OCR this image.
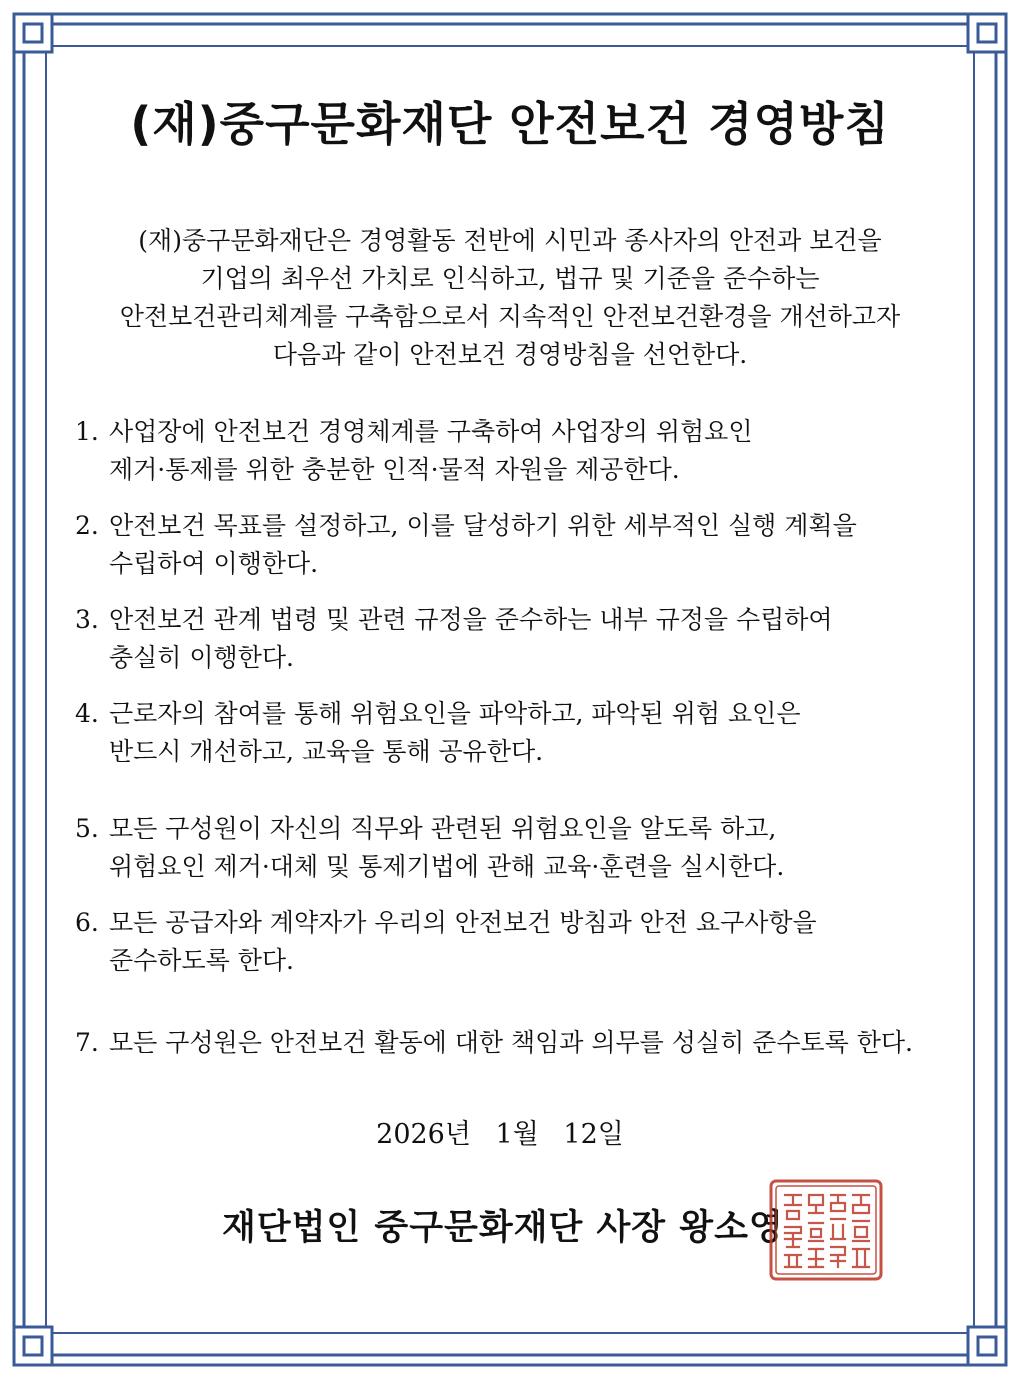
(재)중구문화재단 안전보건 경영방침
(재)중구문화재단은 경영활동 전반에 시민과 종사자의 안전과 보건을
기업의 최우선 가치로 인식하고, 법규 및 기준을 준수하는
안전보건관리체계를 구축함으로서 지속적인 안전보건환경을 개선하고자
다음과 같이 안전보건 경영방침을 선언한다.
1. 사업장에 안전보건 경영체계를 구축하여 사업장의 위험요인
제거·통제를 위한 충분한 인적·물적 자원을 제공한다.
2. 안전보건 목표를 설정하고, 이를 달성하기 위한 세부적인 실행 계획을
수립하여 이행한다.
3. 안전보건 관계 법령 및 관련 규정을 준수하는 내부 규정을 수립하여
충실히 이행한다.
4. 근로자의 참여를 통해 위험요인을 파악하고, 파악된 위험 요인은
반드시 개선하고, 교육을 통해 공유한다.
5. 모든 구성원이 자신의 직무와 관련된 위험요인을 알도록 하고,
위험요인 제거·대체 및 통제기법에 관해 교육·훈련을 실시한다.
6. 모든 공급자와 계약자가 우리의 안전보건 방침과 안전 요구사항을
준수하도록 한다.
7. 모든 구성원은 안전보건 활동에 대한 책임과 의무를 성실히 준수토록 한다.
2026년 1월 12일
재단법인 중구문화재단 사장 왕소영
